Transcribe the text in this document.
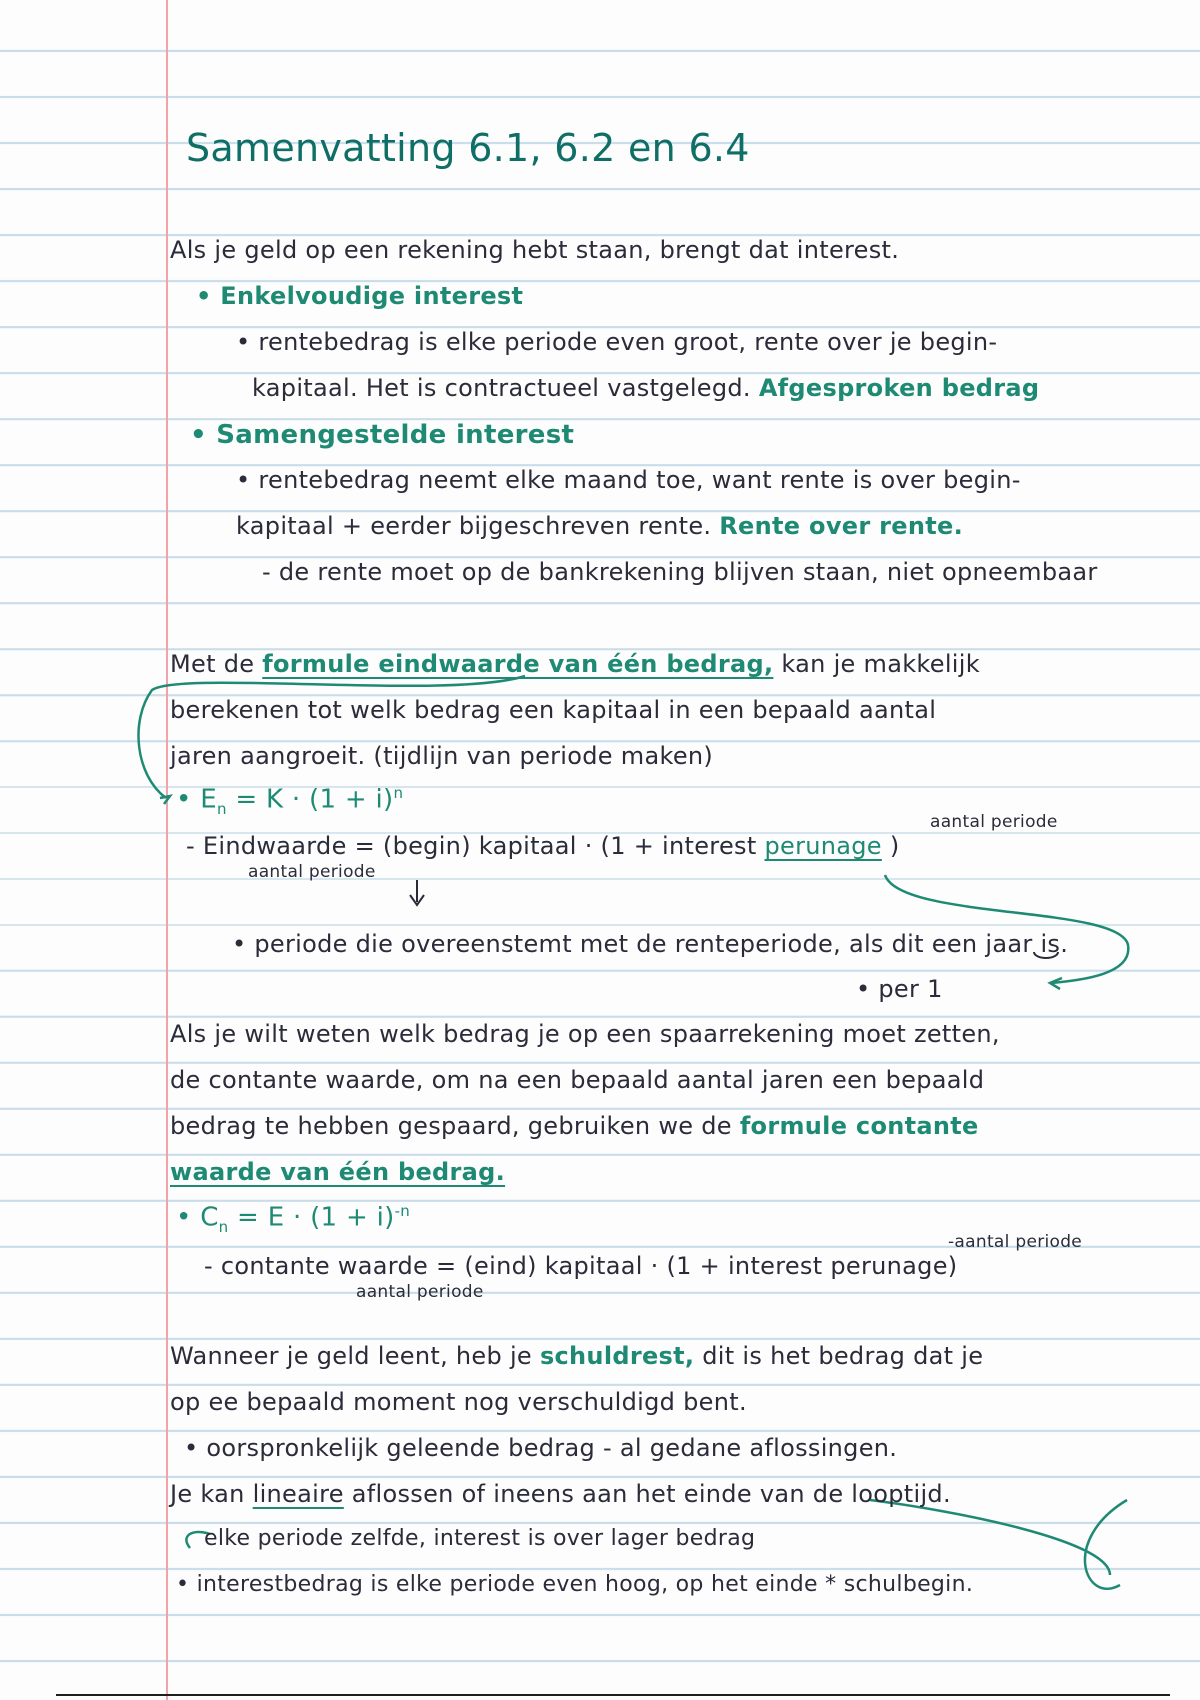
Samenvatting 6.1, 6.2 en 6.4
Als je geld op een rekening hebt staan, brengt dat interest.
• Enkelvoudige interest
• rentebedrag is elke periode even groot, rente over je begin-
kapitaal. Het is contractueel vastgelegd. Afgesproken bedrag
• Samengestelde interest
• rentebedrag neemt elke maand toe, want rente is over begin-
kapitaal + eerder bijgeschreven rente. Rente over rente.
- de rente moet op de bankrekening blijven staan, niet opneembaar
Met de formule eindwaarde van één bedrag, kan je makkelijk
berekenen tot welk bedrag een kapitaal in een bepaald aantal
jaren aangroeit. (tijdlijn van periode maken)
• $E_n = K \cdot (1 + i)^n$
aantal periode
- Eindwaarde = (begin) kapitaal · (1 + interest perunage )
aantal periode
• periode die overeenstemt met de renteperiode, als dit een jaar is.
• per 1
Als je wilt weten welk bedrag je op een spaarrekening moet zetten,
de contante waarde, om na een bepaald aantal jaren een bepaald
bedrag te hebben gespaard, gebruiken we de formule contante
waarde van één bedrag.
• $C_n = E \cdot (1 + i)^{-n}$
-aantal periode
- contante waarde = (eind) kapitaal · (1 + interest perunage)
aantal periode
Wanneer je geld leent, heb je schuldrest, dit is het bedrag dat je
op ee bepaald moment nog verschuldigd bent.
• oorspronkelijk geleende bedrag - al gedane aflossingen.
Je kan lineaire aflossen of ineens aan het einde van de looptijd.
elke periode zelfde, interest is over lager bedrag
• interestbedrag is elke periode even hoog, op het einde * schulbegin.
